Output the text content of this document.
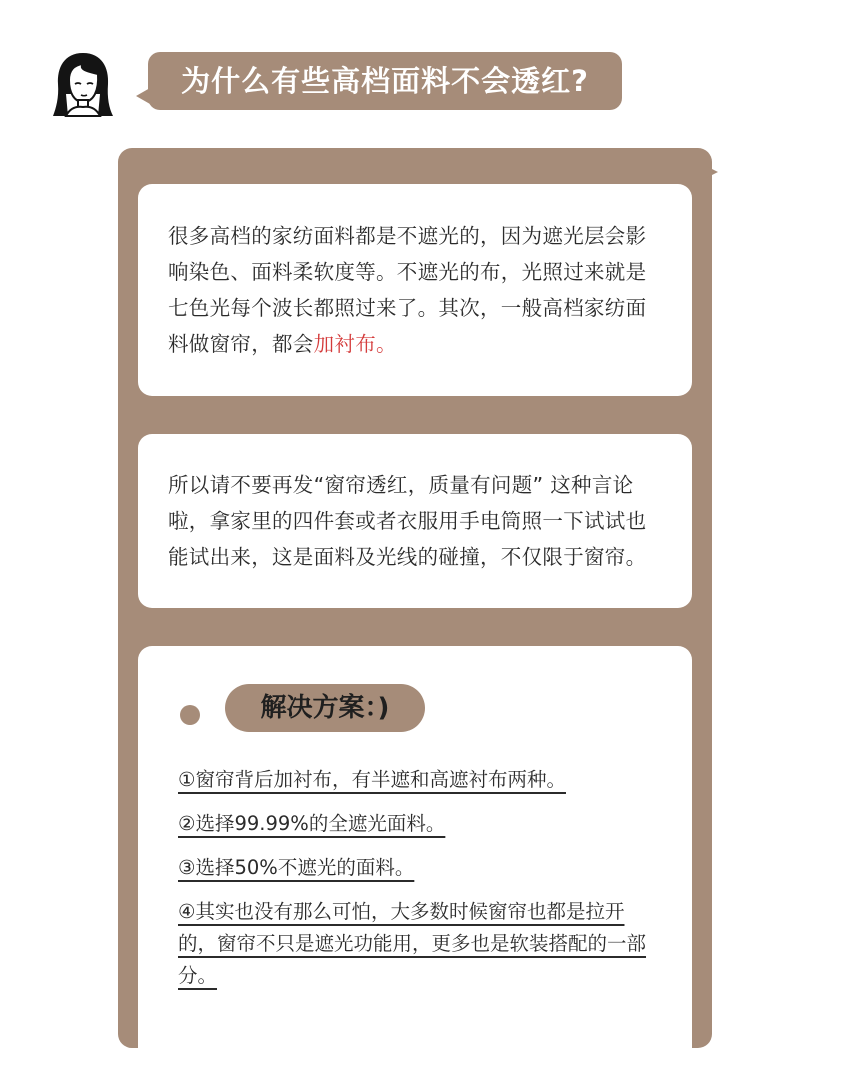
为什么有些高档面料不会透红?

很多高档的家纺面料都是不遮光的，因为遮光层会影响染色、面料柔软度等。不遮光的布，光照过来就是七色光每个波长都照过来了。其次，一般高档家纺面料做窗帘，都会加衬布。

所以请不要再发“窗帘透红，质量有问题” 这种言论啦，拿家里的四件套或者衣服用手电筒照一下试试也能试出来，这是面料及光线的碰撞，不仅限于窗帘。

解决方案：)

①窗帘背后加衬布，有半遮和高遮衬布两种。

②选择99.99%的全遮光面料。

③选择50%不遮光的面料。

④其实也没有那么可怕，大多数时候窗帘也都是拉开的，窗帘不只是遮光功能用，更多也是软装搭配的一部分。
